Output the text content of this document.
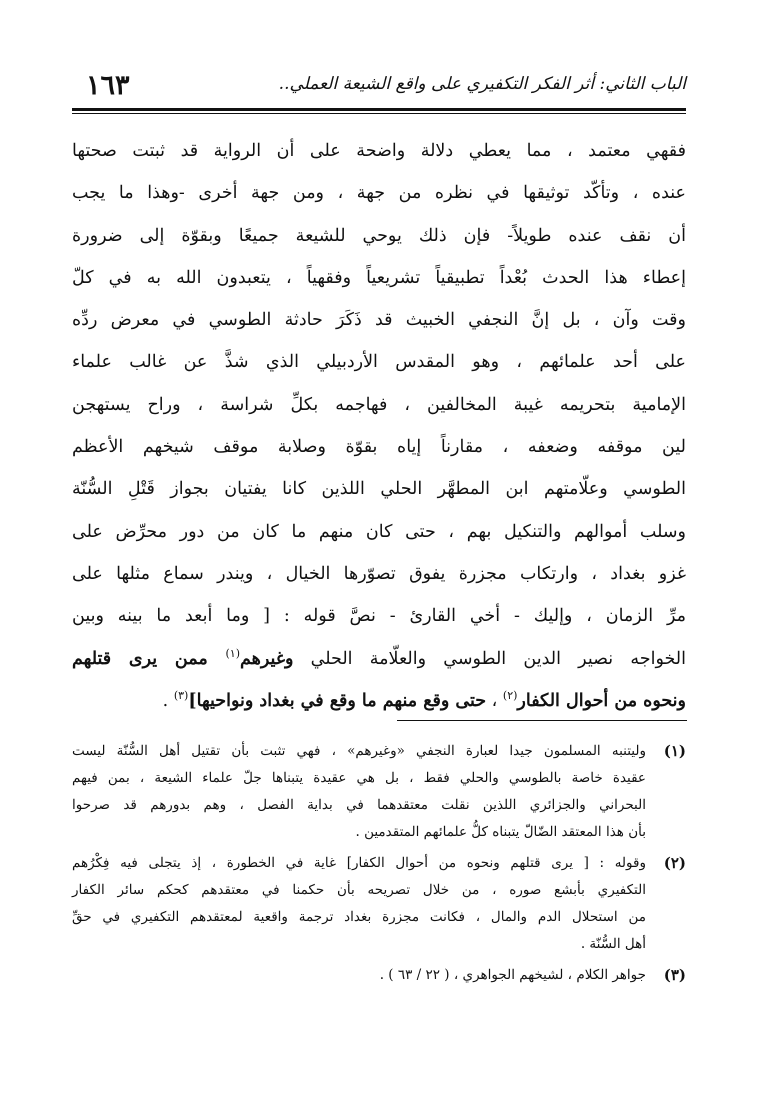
١٦٣	الباب الثاني: أثر الفكر التكفيري على واقع الشيعة العملي..
فقهي معتمد ، مما يعطي دلالة واضحة على أن الرواية قد ثبتت صحتها
عنده ، وتأكّد توثيقها في نظره من جهة ، ومن جهة أخرى -وهذا ما يجب
أن نقف عنده طويلاً- فإن ذلك يوحي للشيعة جميعًا وبقوّة إلى ضرورة
إعطاء هذا الحدث بُعْداً تطبيقياً تشريعياً وفقهياً ، يتعبدون الله به في كلّ
وقت وآن ، بل إنَّ النجفي الخبيث قد ذَكَرَ حادثة الطوسي في معرض ردِّه
على أحد علمائهم ، وهو المقدس الأردبيلي الذي شذَّ عن غالب علماء
الإمامية بتحريمه غيبة المخالفين ، فهاجمه بكلِّ شراسة ، وراح يستهجن
لين موقفه وضعفه ، مقارناً إياه بقوّة وصلابة موقف شيخهم الأعظم
الطوسي وعلّامتهم ابن المطهَّر الحلي اللذين كانا يفتيان بجواز قَتْلِ السُّنّة
وسلب أموالهم والتنكيل بهم ، حتى كان منهم ما كان من دور محرِّض على
غزو بغداد ، وارتكاب مجزرة يفوق تصوّرها الخيال ، ويندر سماع مثلها على
مرِّ الزمان ، وإليك - أخي القارئ - نصَّ قوله : [ وما أبعد ما بينه وبين
الخواجه نصير الدين الطوسي والعلّامة الحلي وغيرهم$^{(١)}$ ممن يرى قتلهم
ونحوه من أحوال الكفار$^{(٢)}$ ، حتى وقع منهم ما وقع في بغداد ونواحيها]$^{(٣)}$ .
(١)
وليتنبه المسلمون جيدا لعبارة النجفي «وغيرهم» ، فهي تثبت بأن تقتيل أهل السُّنّة ليست
عقيدة خاصة بالطوسي والحلي فقط ، بل هي عقيدة يتبناها جلّ علماء الشيعة ، بمن فيهم
البحراني والجزائري اللذين نقلت معتقدهما في بداية الفصل ، وهم بدورهم قد صرحوا
بأن هذا المعتقد الضّالّ يتبناه كلُّ علمائهم المتقدمين .
(٢)
وقوله : [ يرى قتلهم ونحوه من أحوال الكفار] غاية في الخطورة ، إذ يتجلى فيه فِكْرُهم
التكفيري بأبشع صوره ، من خلال تصريحه بأن حكمنا في معتقدهم كحكم سائر الكفار
من استحلال الدم والمال ، فكانت مجزرة بغداد ترجمة واقعية لمعتقدهم التكفيري في حقِّ
أهل السُّنّة .
(٣)
جواهر الكلام ، لشيخهم الجواهري ، ( ٢٢ / ٦٣ ) .
